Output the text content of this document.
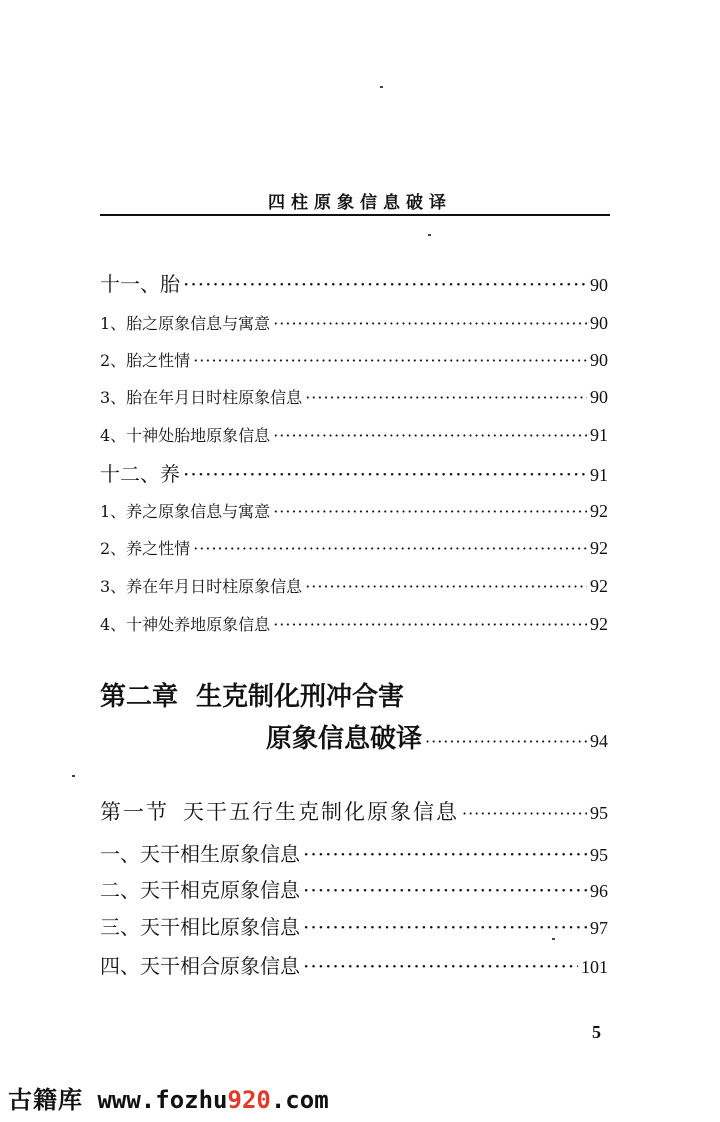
四柱原象信息破译
十一、胎 ·····	90
1、胎之原象信息与寓意 ·····	90
2、胎之性情 ·····	90
3、胎在年月日时柱原象信息 ·····	90
4、十神处胎地原象信息 ·····	91
十二、养 ·····	91
1、养之原象信息与寓意 ·····	92
2、养之性情 ·····	92
3、养在年月日时柱原象信息 ·····	92
4、十神处养地原象信息 ·····	92
第二章 生克制化刑冲合害
原象信息破译 ·····	94
第一节 天干五行生克制化原象信息 ·····	95
一、天干相生原象信息 ·····	95
二、天干相克原象信息 ·····	96
三、天干相比原象信息 ·····	97
四、天干相合原象信息 ·····	101
5
古籍库 www.fozhu920.com
